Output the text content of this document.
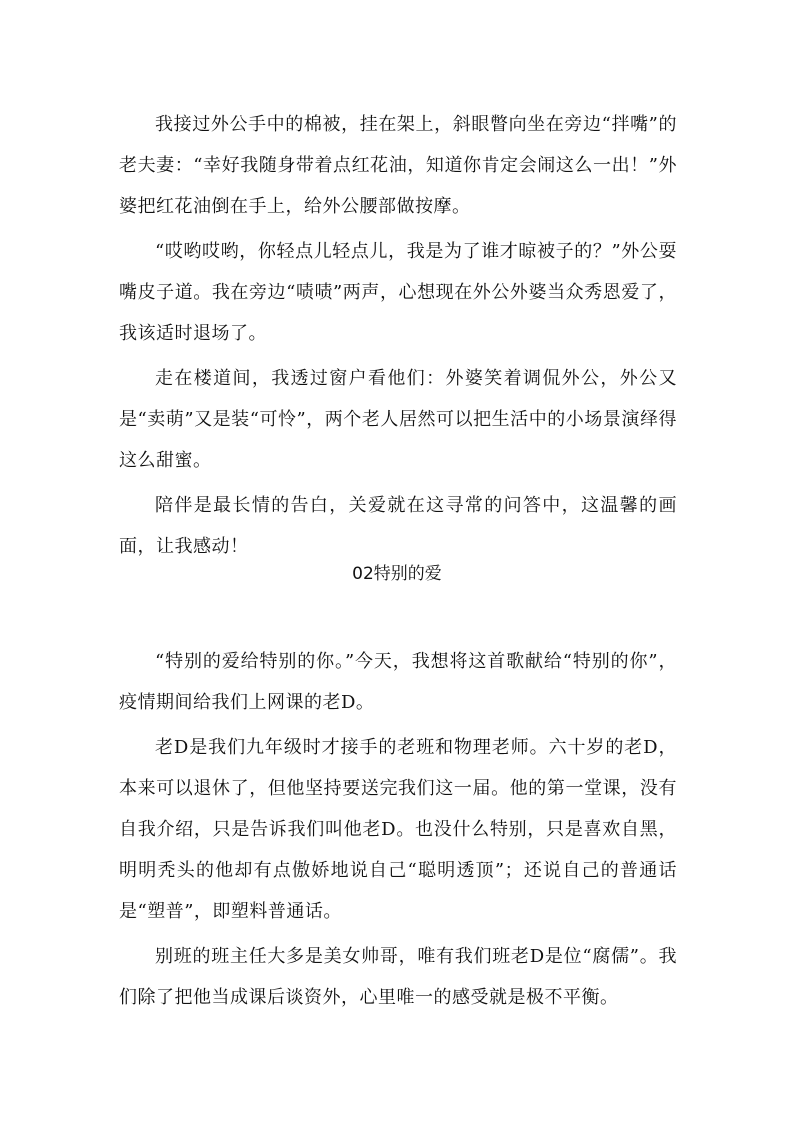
我接过外公手中的棉被，挂在架上，斜眼瞥向坐在旁边“拌嘴”的老夫妻：“幸好我随身带着点红花油，知道你肯定会闹这么一出！”外婆把红花油倒在手上，给外公腰部做按摩。

“哎哟哎哟，你轻点儿轻点儿，我是为了谁才晾被子的？”外公耍嘴皮子道。我在旁边“啧啧”两声，心想现在外公外婆当众秀恩爱了，我该适时退场了。

走在楼道间，我透过窗户看他们：外婆笑着调侃外公，外公又是“卖萌”又是装“可怜”，两个老人居然可以把生活中的小场景演绎得这么甜蜜。

陪伴是最长情的告白，关爱就在这寻常的问答中，这温馨的画面，让我感动！

02特别的爱

“特别的爱给特别的你。”今天，我想将这首歌献给“特别的你”，疫情期间给我们上网课的老D。

老D是我们九年级时才接手的老班和物理老师。六十岁的老D，本来可以退休了，但他坚持要送完我们这一届。他的第一堂课，没有自我介绍，只是告诉我们叫他老D。也没什么特别，只是喜欢自黑，明明秃头的他却有点傲娇地说自己“聪明透顶”；还说自己的普通话是“塑普”，即塑料普通话。

别班的班主任大多是美女帅哥，唯有我们班老D是位“腐儒”。我们除了把他当成课后谈资外，心里唯一的感受就是极不平衡。
